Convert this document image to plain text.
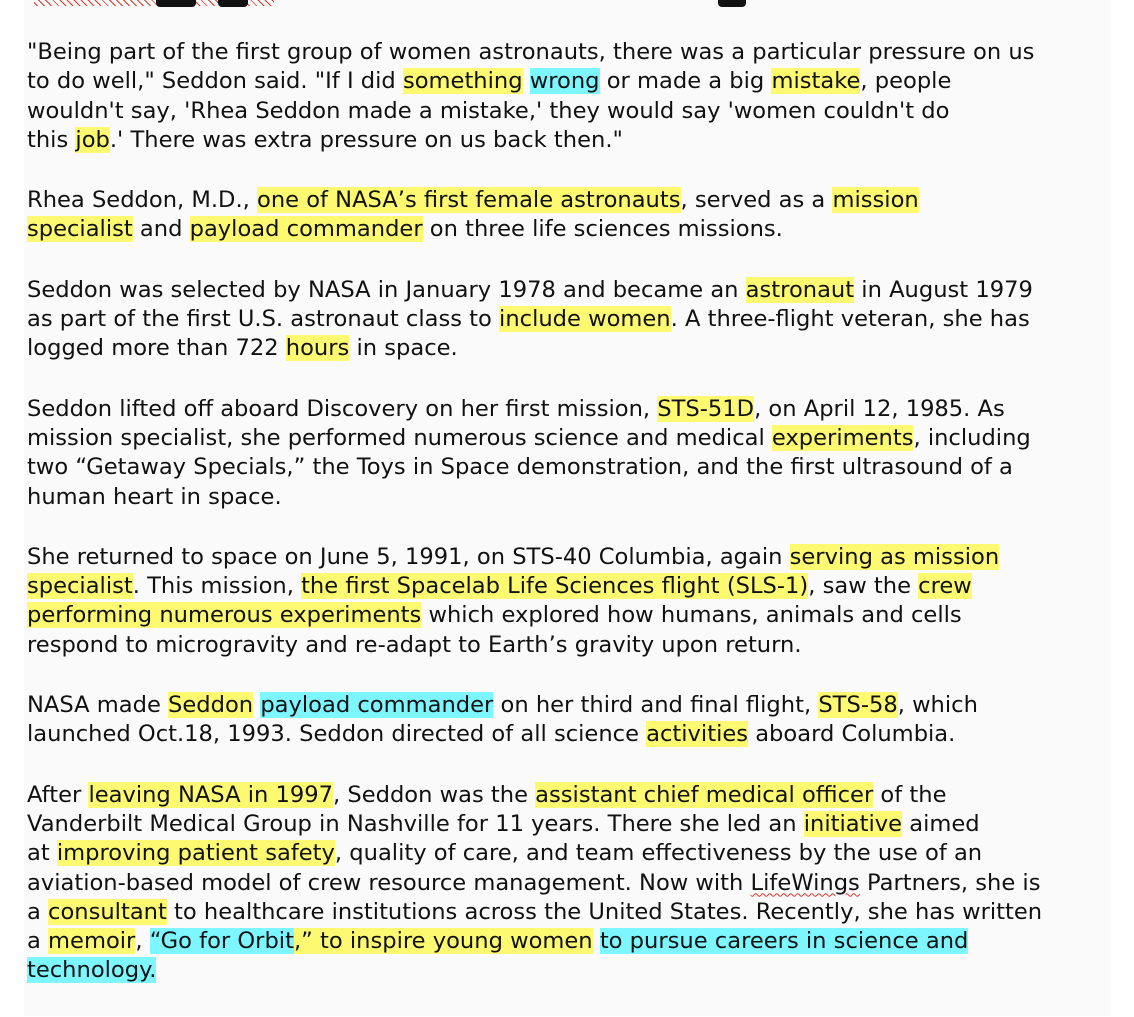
"Being part of the first group of women astronauts, there was a particular pressure on us
to do well," Seddon said. "If I did something wrong or made a big mistake, people
wouldn't say, 'Rhea Seddon made a mistake,' they would say 'women couldn't do
this job.' There was extra pressure on us back then."
Rhea Seddon, M.D., one of NASA’s first female astronauts, served as a mission
specialist and payload commander on three life sciences missions.
Seddon was selected by NASA in January 1978 and became an astronaut in August 1979
as part of the first U.S. astronaut class to include women. A three-flight veteran, she has
logged more than 722 hours in space.
Seddon lifted off aboard Discovery on her first mission, STS-51D, on April 12, 1985. As
mission specialist, she performed numerous science and medical experiments, including
two “Getaway Specials,” the Toys in Space demonstration, and the first ultrasound of a
human heart in space.
She returned to space on June 5, 1991, on STS-40 Columbia, again serving as mission
specialist. This mission, the first Spacelab Life Sciences flight (SLS-1), saw the crew
performing numerous experiments which explored how humans, animals and cells
respond to microgravity and re-adapt to Earth’s gravity upon return.
NASA made Seddon payload commander on her third and final flight, STS-58, which
launched Oct.18, 1993. Seddon directed of all science activities aboard Columbia.
After leaving NASA in 1997, Seddon was the assistant chief medical officer of the
Vanderbilt Medical Group in Nashville for 11 years. There she led an initiative aimed
at improving patient safety, quality of care, and team effectiveness by the use of an
aviation-based model of crew resource management. Now with LifeWings Partners, she is
a consultant to healthcare institutions across the United States. Recently, she has written
a memoir, “Go for Orbit,” to inspire young women to pursue careers in science and
technology.
